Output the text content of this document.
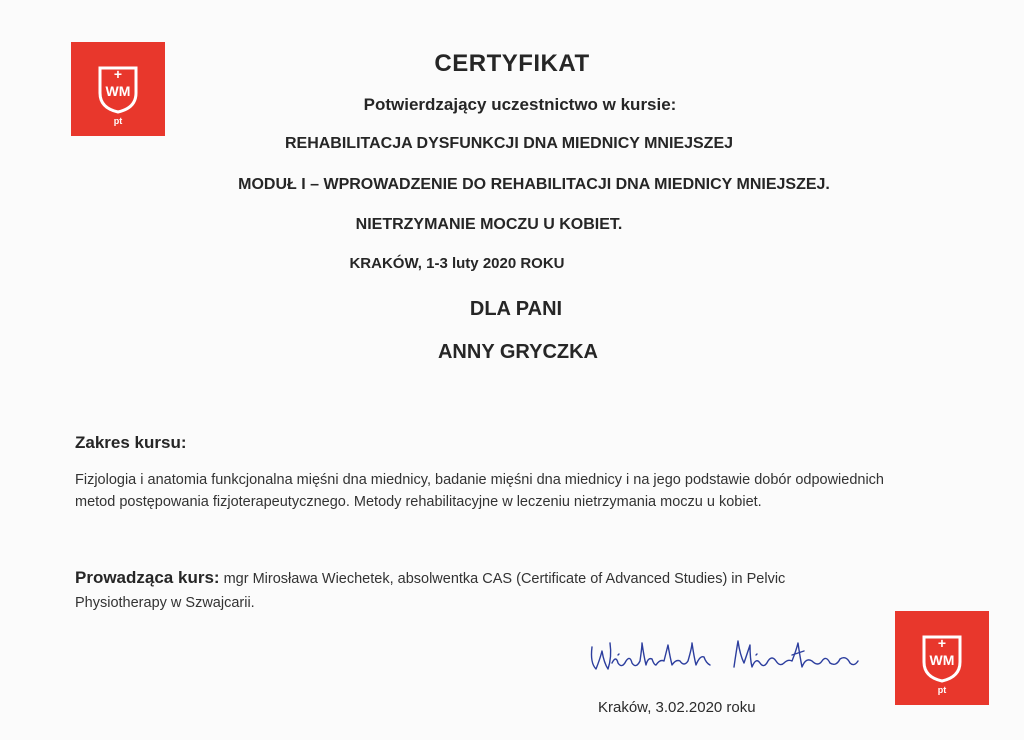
+
WM
pt
CERTYFIKAT
Potwierdzający uczestnictwo w kursie:
REHABILITACJA DYSFUNKCJI DNA MIEDNICY MNIEJSZEJ
MODUŁ I – WPROWADZENIE DO REHABILITACJI DNA MIEDNICY MNIEJSZEJ.
NIETRZYMANIE MOCZU U KOBIET.
KRAKÓW, 1-3 luty 2020 ROKU
DLA PANI
ANNY GRYCZKA
Zakres kursu:
Fizjologia i anatomia funkcjonalna mięśni dna miednicy, badanie mięśni dna miednicy i na jego podstawie dobór odpowiednich metod postępowania fizjoterapeutycznego. Metody rehabilitacyjne w leczeniu nietrzymania moczu u kobiet.
Prowadząca kurs: mgr Mirosława Wiechetek, absolwentka CAS (Certificate of Advanced Studies) in Pelvic Physiotherapy w Szwajcarii.
Kraków, 3.02.2020 roku
+
WM
pt
